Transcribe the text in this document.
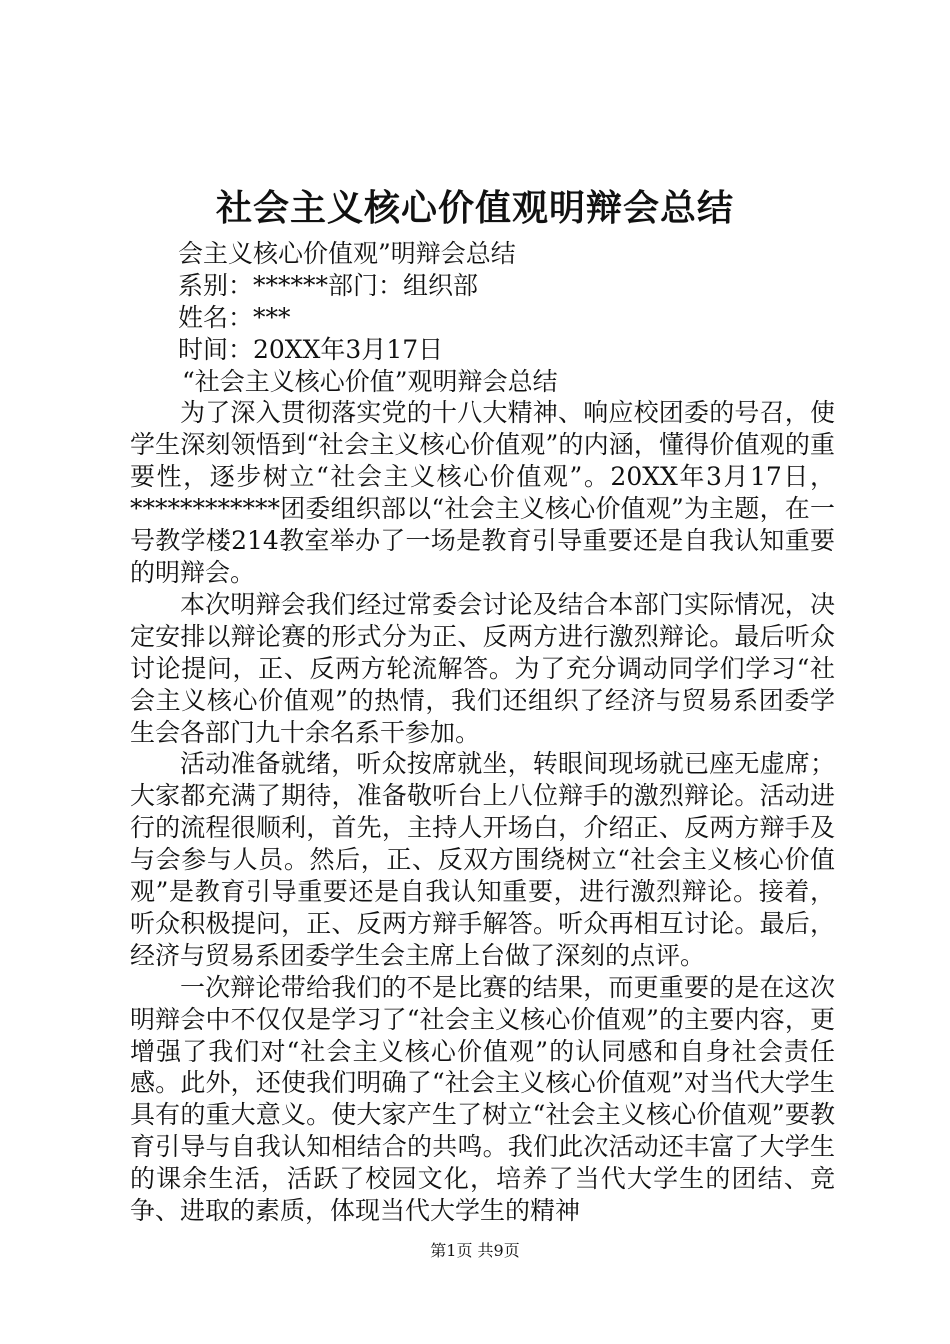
社会主义核心价值观明辩会总结
会主义核心价值观”明辩会总结
系别：******部门：组织部
姓名：***
时间：20XX年3月17日
“社会主义核心价值”观明辩会总结

为了深入贯彻落实党的十八大精神、响应校团委的号召，使学生深刻领悟到“社会主义核心价值观”的内涵，懂得价值观的重要性，逐步树立“社会主义核心价值观”。20XX年3月17日，************团委组织部以“社会主义核心价值观”为主题，在一号教学楼214教室举办了一场是教育引导重要还是自我认知重要的明辩会。

本次明辩会我们经过常委会讨论及结合本部门实际情况，决定安排以辩论赛的形式分为正、反两方进行激烈辩论。最后听众讨论提问，正、反两方轮流解答。为了充分调动同学们学习“社会主义核心价值观”的热情，我们还组织了经济与贸易系团委学生会各部门九十余名系干参加。

活动准备就绪，听众按席就坐，转眼间现场就已座无虚席；大家都充满了期待，准备敬听台上八位辩手的激烈辩论。活动进行的流程很顺利，首先，主持人开场白，介绍正、反两方辩手及与会参与人员。然后，正、反双方围绕树立“社会主义核心价值观”是教育引导重要还是自我认知重要，进行激烈辩论。接着，听众积极提问，正、反两方辩手解答。听众再相互讨论。最后，经济与贸易系团委学生会主席上台做了深刻的点评。

一次辩论带给我们的不是比赛的结果，而更重要的是在这次明辩会中不仅仅是学习了“社会主义核心价值观”的主要内容，更增强了我们对“社会主义核心价值观”的认同感和自身社会责任感。此外，还使我们明确了“社会主义核心价值观”对当代大学生具有的重大意义。使大家产生了树立“社会主义核心价值观”要教育引导与自我认知相结合的共鸣。我们此次活动还丰富了大学生的课余生活，活跃了校园文化，培养了当代大学生的团结、竞争、进取的素质，体现当代大学生的精神

第1页 共9页
